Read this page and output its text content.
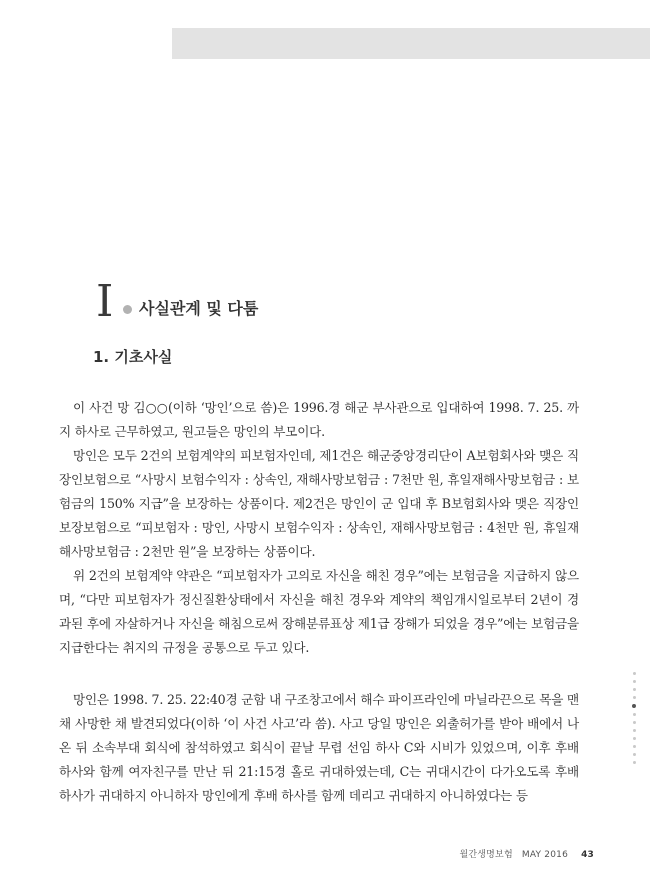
I 사실관계 및 다툼
1. 기초사실

이 사건 망 김○○(이하 ‘망인’으로 씀)은 1996.경 해군 부사관으로 입대하여 1998. 7. 25. 까지 하사로 근무하였고, 원고들은 망인의 부모이다.

망인은 모두 2건의 보험계약의 피보험자인데, 제1건은 해군중앙경리단이 A보험회사와 맺은 직장인보험으로 “사망시 보험수익자 : 상속인, 재해사망보험금 : 7천만 원, 휴일재해사망보험금 : 보험금의 150% 지급”을 보장하는 상품이다. 제2건은 망인이 군 입대 후 B보험회사와 맺은 직장인보장보험으로 “피보험자 : 망인, 사망시 보험수익자 : 상속인, 재해사망보험금 : 4천만 원, 휴일재해사망보험금 : 2천만 원”을 보장하는 상품이다.

위 2건의 보험계약 약관은 “피보험자가 고의로 자신을 해친 경우”에는 보험금을 지급하지 않으며, “다만 피보험자가 정신질환상태에서 자신을 해친 경우와 계약의 책임개시일로부터 2년이 경과된 후에 자살하거나 자신을 해침으로써 장해분류표상 제1급 장해가 되었을 경우”에는 보험금을 지급한다는 취지의 규정을 공통으로 두고 있다.

망인은 1998. 7. 25. 22:40경 군함 내 구조창고에서 해수 파이프라인에 마닐라끈으로 목을 맨 채 사망한 채 발견되었다(이하 ‘이 사건 사고’라 씀). 사고 당일 망인은 외출허가를 받아 배에서 나온 뒤 소속부대 회식에 참석하였고 회식이 끝날 무렵 선임 하사 C와 시비가 있었으며, 이후 후배 하사와 함께 여자친구를 만난 뒤 21:15경 홀로 귀대하였는데, C는 귀대시간이 다가오도록 후배 하사가 귀대하지 아니하자 망인에게 후배 하사를 함께 데리고 귀대하지 아니하였다는 등

월간생명보험 MAY 2016 43
